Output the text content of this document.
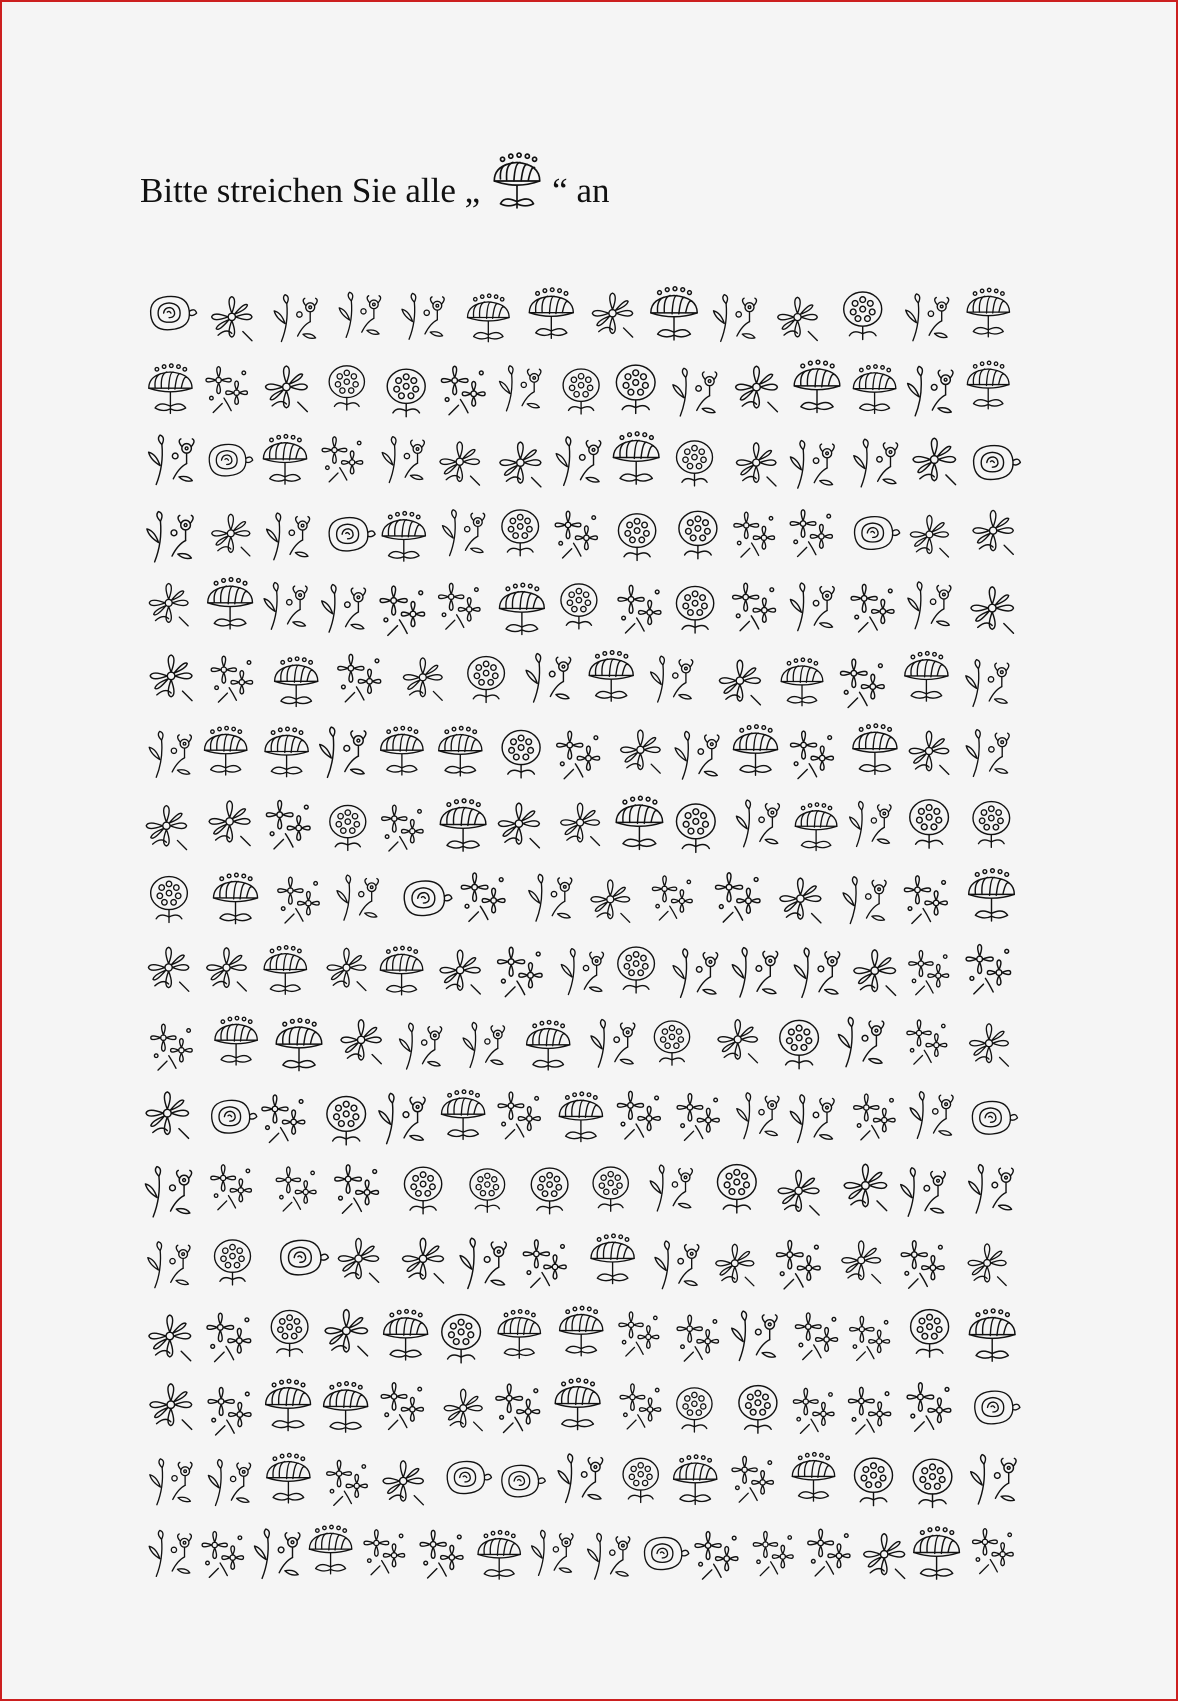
Bitte streichen Sie alle „ “ an
